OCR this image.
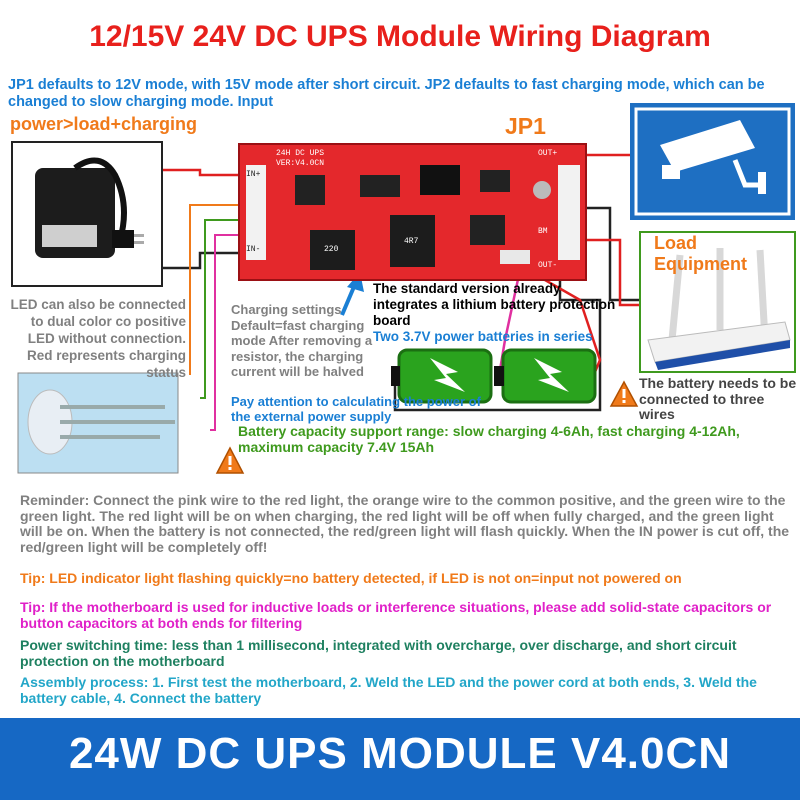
12/15V 24V DC UPS Module Wiring Diagram
JP1 defaults to 12V mode, with 15V mode after short circuit. JP2 defaults to fast charging mode, which can be changed to slow charging mode. Input
power>load+charging	JP1
24H DC UPS
VER:V4.0CN
IN+
IN-
OUT+
OUT-
BM
220
4R7
LED can also be connected to dual color co positive LED without connection. Red represents charging status
Charging settings Default=fast charging mode After removing a resistor, the charging current will be halved
Pay attention to calculating the power of the external power supply
The standard version already integrates a lithium battery protection board
Two 3.7V power batteries in series
Load Equipment
The battery needs to be connected to three wires
Battery capacity support range: slow charging 4-6Ah, fast charging 4-12Ah, maximum capacity 7.4V 15Ah
Reminder: Connect the pink wire to the red light, the orange wire to the common positive, and the green wire to the green light. The red light will be on when charging, the red light will be off when fully charged, and the green light will be on. When the battery is not connected, the red/green light will flash quickly. When the IN power is cut off, the red/green light will be completely off!
Tip: LED indicator light flashing quickly=no battery detected, if LED is not on=input not powered on
Tip: If the motherboard is used for inductive loads or interference situations, please add solid-state capacitors or button capacitors at both ends for filtering
Power switching time: less than 1 millisecond, integrated with overcharge, over discharge, and short circuit protection on the motherboard
Assembly process: 1. First test the motherboard, 2. Weld the LED and the power cord at both ends, 3. Weld the battery cable, 4. Connect the battery
24W DC UPS MODULE V4.0CN
